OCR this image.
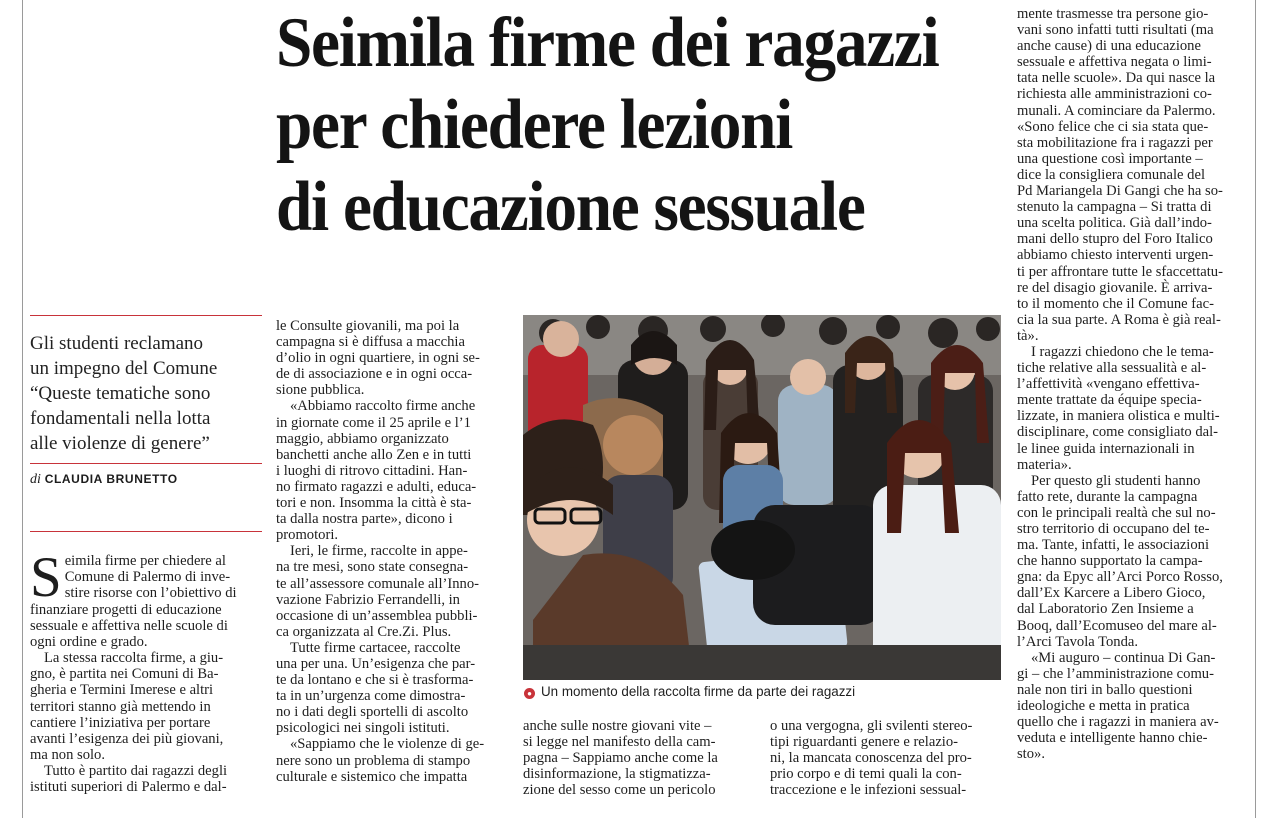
Seimila firme dei ragazzi
per chiedere lezioni
di educazione sessuale
Gli studenti reclamano
un impegno del Comune
“Queste tematiche sono
fondamentali nella lotta
alle violenze di genere”
di CLAUDIA BRUNETTO
S eimila firme per chiedere al
Comune di Palermo di inve-
stire risorse con l’obiettivo di
finanziare progetti di educazione
sessuale e affettiva nelle scuole di
ogni ordine e grado.
La stessa raccolta firme, a giu-
gno, è partita nei Comuni di Ba-
gheria e Termini Imerese e altri
territori stanno già mettendo in
cantiere l’iniziativa per portare
avanti l’esigenza dei più giovani,
ma non solo.
Tutto è partito dai ragazzi degli
istituti superiori di Palermo e dal-
le Consulte giovanili, ma poi la
campagna si è diffusa a macchia
d’olio in ogni quartiere, in ogni se-
de di associazione e in ogni occa-
sione pubblica.
«Abbiamo raccolto firme anche
in giornate come il 25 aprile e l’1
maggio, abbiamo organizzato
banchetti anche allo Zen e in tutti
i luoghi di ritrovo cittadini. Han-
no firmato ragazzi e adulti, educa-
tori e non. Insomma la città è sta-
ta dalla nostra parte», dicono i
promotori.
Ieri, le firme, raccolte in appe-
na tre mesi, sono state consegna-
te all’assessore comunale all’Inno-
vazione Fabrizio Ferrandelli, in
occasione di un’assemblea pubbli-
ca organizzata al Cre.Zi. Plus.
Tutte firme cartacee, raccolte
una per una. Un’esigenza che par-
te da lontano e che si è trasforma-
ta in un’urgenza come dimostra-
no i dati degli sportelli di ascolto
psicologici nei singoli istituti.
«Sappiamo che le violenze di ge-
nere sono un problema di stampo
culturale e sistemico che impatta
● Un momento della raccolta firme da parte dei ragazzi
anche sulle nostre giovani vite –
si legge nel manifesto della cam-
pagna – Sappiamo anche come la
disinformazione, la stigmatizza-
zione del sesso come un pericolo
o una vergogna, gli svilenti stereo-
tipi riguardanti genere e relazio-
ni, la mancata conoscenza del pro-
prio corpo e di temi quali la con-
traccezione e le infezioni sessual-
mente trasmesse tra persone gio-
vani sono infatti tutti risultati (ma
anche cause) di una educazione
sessuale e affettiva negata o limi-
tata nelle scuole». Da qui nasce la
richiesta alle amministrazioni co-
munali. A cominciare da Palermo.
«Sono felice che ci sia stata que-
sta mobilitazione fra i ragazzi per
una questione così importante –
dice la consigliera comunale del
Pd Mariangela Di Gangi che ha so-
stenuto la campagna – Si tratta di
una scelta politica. Già dall’indo-
mani dello stupro del Foro Italico
abbiamo chiesto interventi urgen-
ti per affrontare tutte le sfaccettatu-
re del disagio giovanile. È arriva-
to il momento che il Comune fac-
cia la sua parte. A Roma è già real-
tà».
I ragazzi chiedono che le tema-
tiche relative alla sessualità e al-
l’affettività «vengano effettiva-
mente trattate da équipe specia-
lizzate, in maniera olistica e multi-
disciplinare, come consigliato dal-
le linee guida internazionali in
materia».
Per questo gli studenti hanno
fatto rete, durante la campagna
con le principali realtà che sul no-
stro territorio di occupano del te-
ma. Tante, infatti, le associazioni
che hanno supportato la campa-
gna: da Epyc all’Arci Porco Rosso,
dall’Ex Karcere a Libero Gioco,
dal Laboratorio Zen Insieme a
Booq, dall’Ecomuseo del mare al-
l’Arci Tavola Tonda.
«Mi auguro – continua Di Gan-
gi – che l’amministrazione comu-
nale non tiri in ballo questioni
ideologiche e metta in pratica
quello che i ragazzi in maniera av-
veduta e intelligente hanno chie-
sto».
